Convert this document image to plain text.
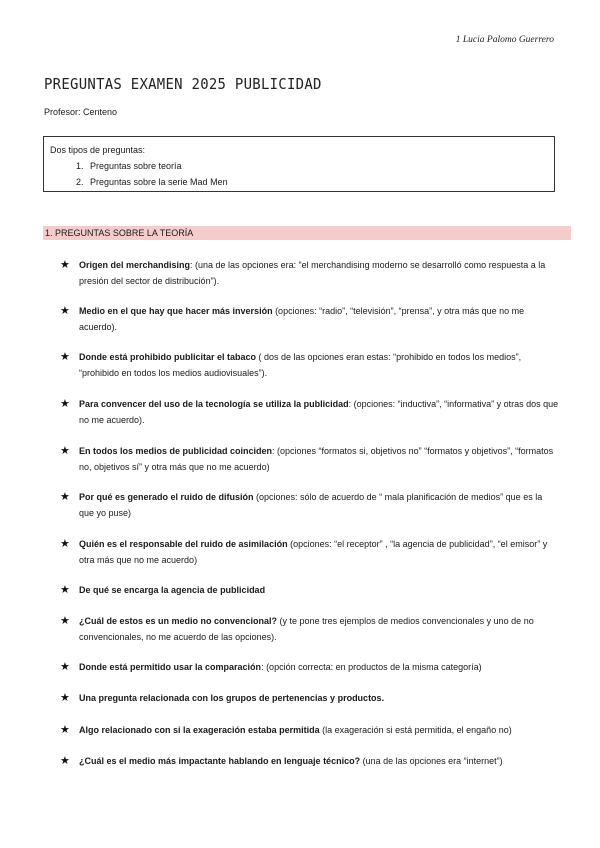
1 Lucia Palomo Guerrero
PREGUNTAS EXAMEN 2025 PUBLICIDAD
Profesor: Centeno
Dos tipos de preguntas:
1. Preguntas sobre teoría
2. Preguntas sobre la serie Mad Men
1. PREGUNTAS SOBRE LA TEORÍA
★ Origen del merchandising: (una de las opciones era: “el merchandising moderno se desarrolló como respuesta a la presión del sector de distribución”).
★ Medio en el que hay que hacer más inversión (opciones: “radio”, “televisión”, “prensa”, y otra más que no me acuerdo).
★ Donde está prohibido publicitar el tabaco ( dos de las opciones eran estas: “prohibido en todos los medios”, “prohibido en todos los medios audiovisuales”).
★ Para convencer del uso de la tecnología se utiliza la publicidad: (opciones: “inductiva”, “informativa” y otras dos que no me acuerdo).
★ En todos los medios de publicidad coinciden: (opciones “formatos si, objetivos no” “formatos y objetivos”, “formatos no, objetivos sí” y otra más que no me acuerdo)
★ Por qué es generado el ruido de difusión (opciones: sólo de acuerdo de “ mala planificación de medios” que es la que yo puse)
★ Quién es el responsable del ruido de asimilación (opciones: “el receptor” , “la agencia de publicidad”, “el emisor” y otra más que no me acuerdo)
★ De qué se encarga la agencia de publicidad
★ ¿Cuál de estos es un medio no convencional? (y te pone tres ejemplos de medios convencionales y uno de no convencionales, no me acuerdo de las opciones).
★ Donde está permitido usar la comparación: (opción correcta: en productos de la misma categoría)
★ Una pregunta relacionada con los grupos de pertenencias y productos.
★ Algo relacionado con si la exageración estaba permitida (la exageración si está permitida, el engaño no)
★ ¿Cuál es el medio más impactante hablando en lenguaje técnico? (una de las opciones era “internet”)
